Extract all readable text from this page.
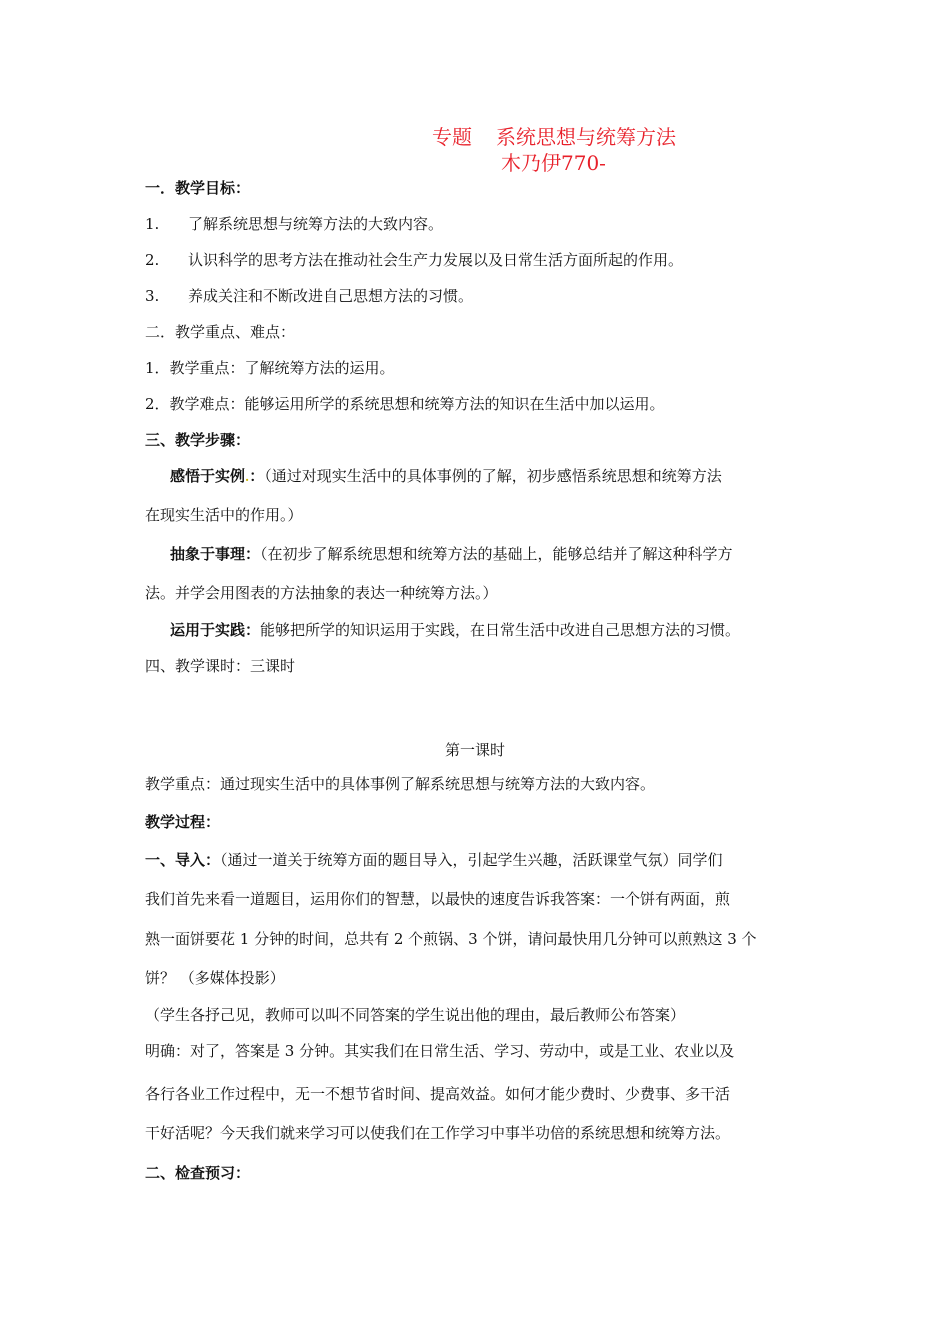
专题 系统思想与统筹方法
木乃伊770-
一．教学目标：
1. 了解系统思想与统筹方法的大致内容。
2. 认识科学的思考方法在推动社会生产力发展以及日常生活方面所起的作用。
3. 养成关注和不断改进自己思想方法的习惯。
二．教学重点、难点：
1．教学重点：了解统筹方法的运用。
2．教学难点：能够运用所学的系统思想和统筹方法的知识在生活中加以运用。
三、教学步骤：
感悟于实例.：（通过对现实生活中的具体事例的了解，初步感悟系统思想和统筹方法
在现实生活中的作用。）
抽象于事理：（在初步了解系统思想和统筹方法的基础上，能够总结并了解这种科学方
法。并学会用图表的方法抽象的表达一种统筹方法。）
运用于实践：能够把所学的知识运用于实践，在日常生活中改进自己思想方法的习惯。
四、教学课时：三课时
第一课时
教学重点：通过现实生活中的具体事例了解系统思想与统筹方法的大致内容。
教学过程：
一、导入：（通过一道关于统筹方面的题目导入，引起学生兴趣，活跃课堂气氛）同学们
我们首先来看一道题目，运用你们的智慧，以最快的速度告诉我答案：一个饼有两面，煎
熟一面饼要花 1 分钟的时间，总共有 2 个煎锅、3 个饼，请问最快用几分钟可以煎熟这 3 个
饼？ （多媒体投影）
（学生各抒己见，教师可以叫不同答案的学生说出他的理由，最后教师公布答案）
明确：对了，答案是 3 分钟。其实我们在日常生活、学习、劳动中，或是工业、农业以及
各行各业工作过程中，无一不想节省时间、提高效益。如何才能少费时、少费事、多干活
干好活呢？今天我们就来学习可以使我们在工作学习中事半功倍的系统思想和统筹方法。
二、检查预习：
